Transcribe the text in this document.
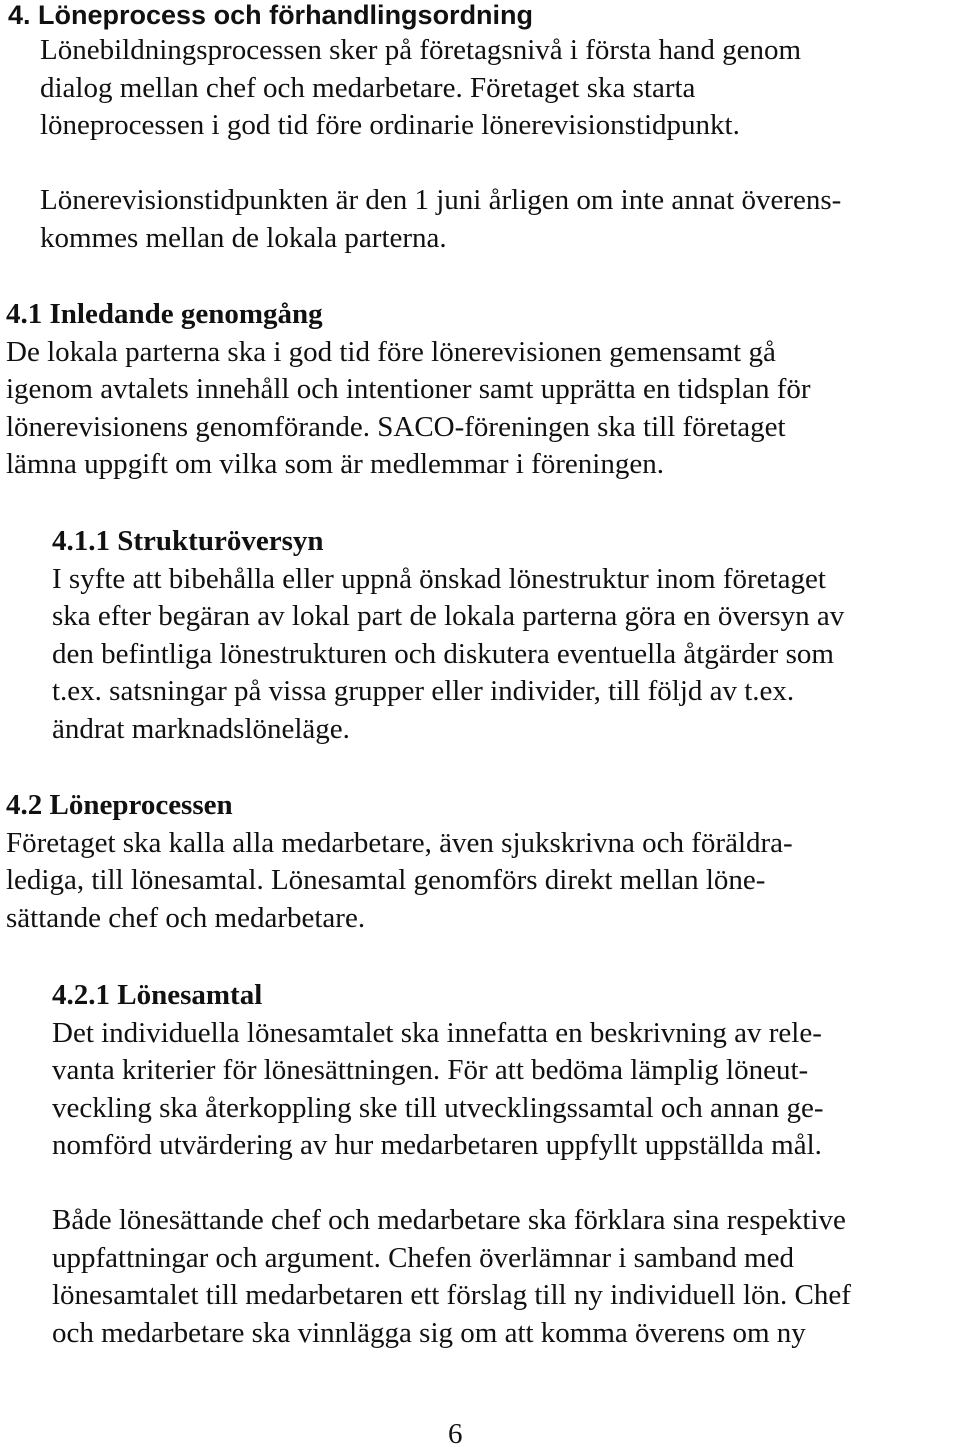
4. Löneprocess och förhandlingsordning
Lönebildningsprocessen sker på företagsnivå i första hand genom
dialog mellan chef och medarbetare. Företaget ska starta
löneprocessen i god tid före ordinarie lönerevisionstidpunkt.
Lönerevisionstidpunkten är den 1 juni årligen om inte annat överens-
kommes mellan de lokala parterna.
4.1 Inledande genomgång
De lokala parterna ska i god tid före lönerevisionen gemensamt gå
igenom avtalets innehåll och intentioner samt upprätta en tidsplan för
lönerevisionens genomförande. SACO-föreningen ska till företaget
lämna uppgift om vilka som är medlemmar i föreningen.
4.1.1 Strukturöversyn
I syfte att bibehålla eller uppnå önskad lönestruktur inom företaget
ska efter begäran av lokal part de lokala parterna göra en översyn av
den befintliga lönestrukturen och diskutera eventuella åtgärder som
t.ex. satsningar på vissa grupper eller individer, till följd av t.ex.
ändrat marknadslöneläge.
4.2 Löneprocessen
Företaget ska kalla alla medarbetare, även sjukskrivna och föräldra-
lediga, till lönesamtal. Lönesamtal genomförs direkt mellan löne-
sättande chef och medarbetare.
4.2.1 Lönesamtal
Det individuella lönesamtalet ska innefatta en beskrivning av rele-
vanta kriterier för lönesättningen. För att bedöma lämplig löneut-
veckling ska återkoppling ske till utvecklingssamtal och annan ge-
nomförd utvärdering av hur medarbetaren uppfyllt uppställda mål.
Både lönesättande chef och medarbetare ska förklara sina respektive
uppfattningar och argument. Chefen överlämnar i samband med
lönesamtalet till medarbetaren ett förslag till ny individuell lön. Chef
och medarbetare ska vinnlägga sig om att komma överens om ny
6
